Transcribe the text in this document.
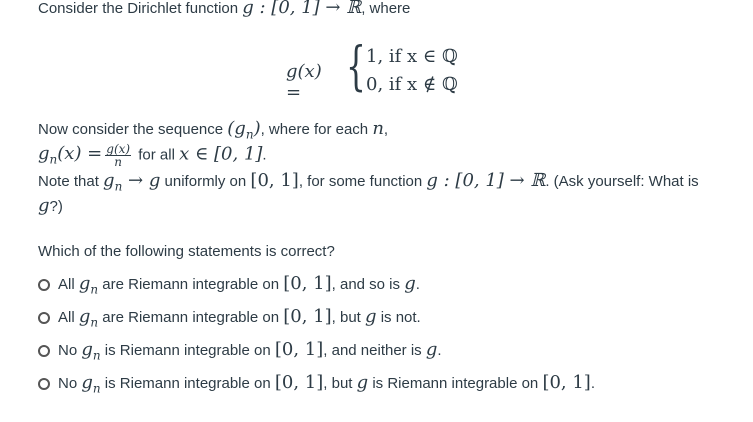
Consider the Dirichlet function g : [0, 1] → ℝ, where
g(x) = { 1, if x ∈ ℚ
0, if x ∉ ℚ
Now consider the sequence $(g_n)$, where for each n,
$g_n(x) = \frac{g(x)}{n}$ for all x ∈ [0, 1].
Note that $g_n \to g$ uniformly on [0, 1], for some function g : [0, 1] → ℝ. (Ask yourself: What is
g?)
Which of the following statements is correct?
All $g_n$ are Riemann integrable on [0, 1], and so is g.
All $g_n$ are Riemann integrable on [0, 1], but g is not.
No $g_n$ is Riemann integrable on [0, 1], and neither is g.
No $g_n$ is Riemann integrable on [0, 1], but g is Riemann integrable on [0, 1].
